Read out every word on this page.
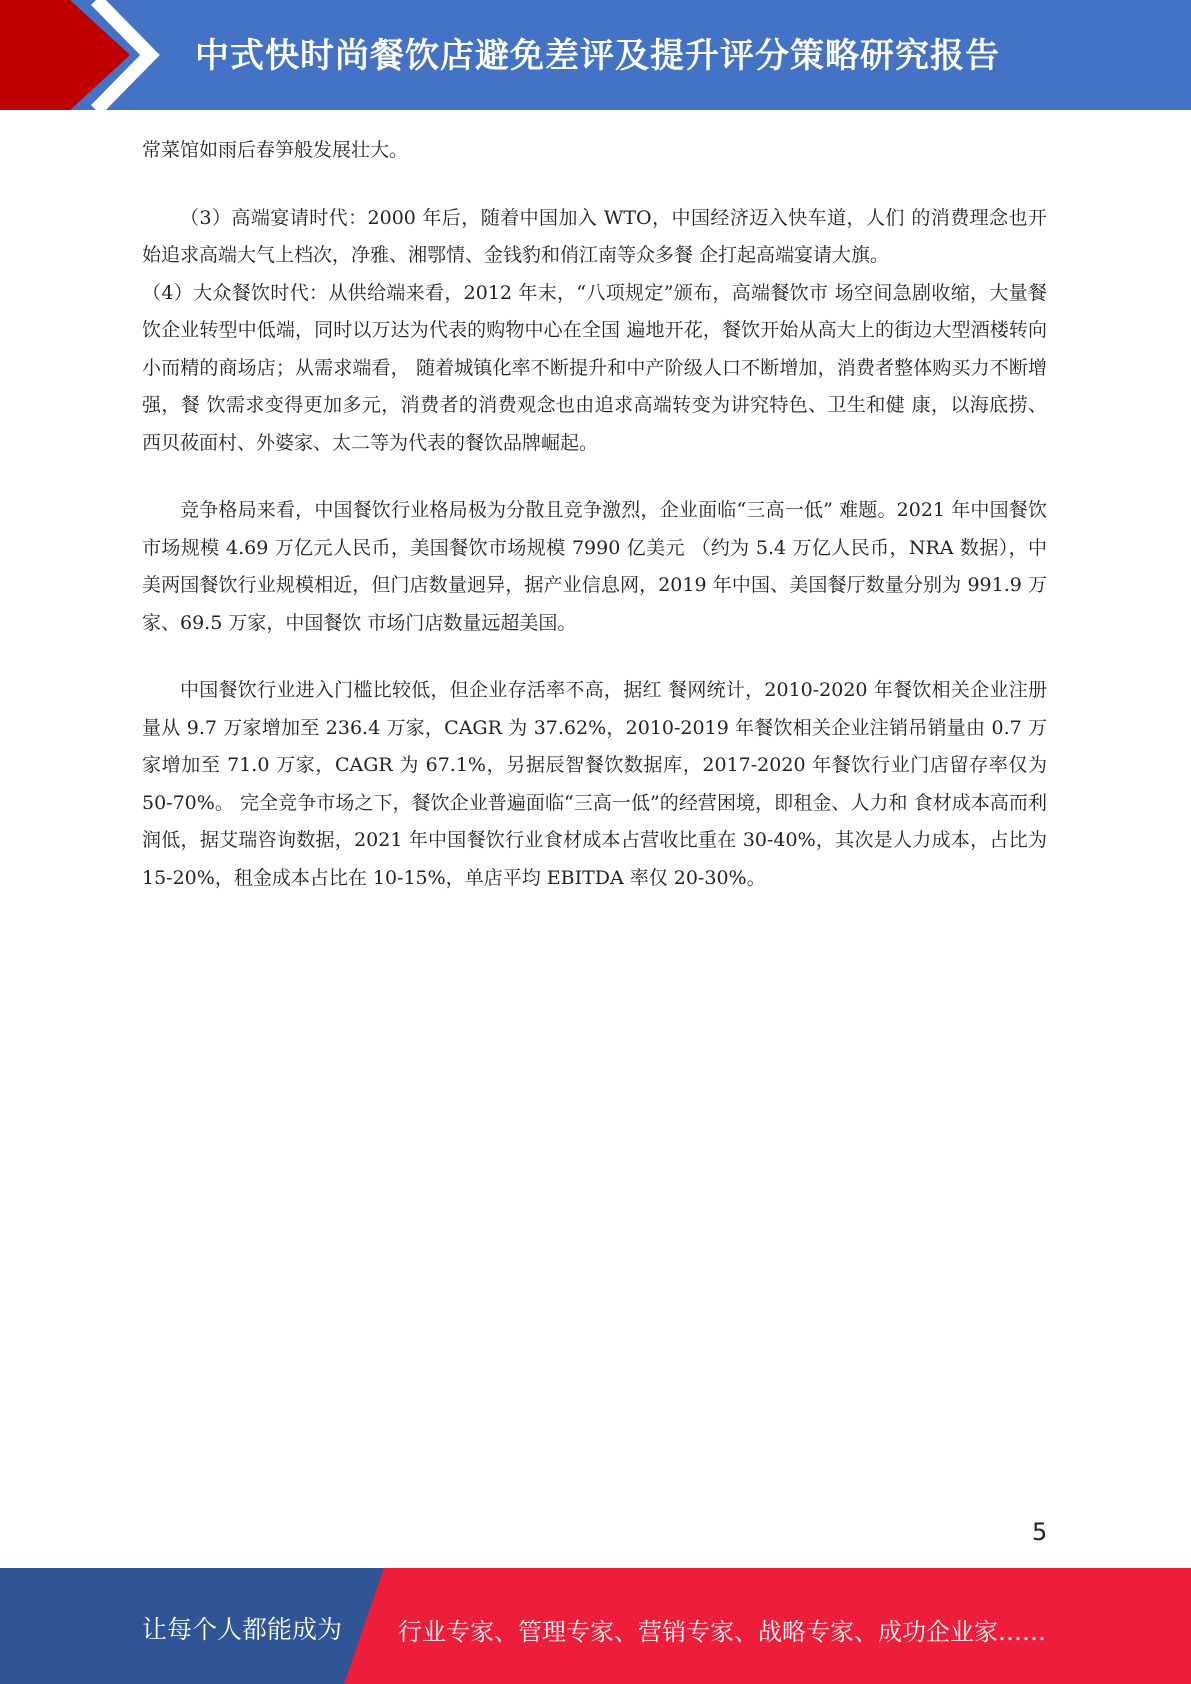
中式快时尚餐饮店避免差评及提升评分策略研究报告

常菜馆如雨后春笋般发展壮大。

（3）高端宴请时代：2000 年后，随着中国加入 WTO，中国经济迈入快车道，人们 的消费理念也开始追求高端大气上档次，净雅、湘鄂情、金钱豹和俏江南等众多餐 企打起高端宴请大旗。

（4）大众餐饮时代：从供给端来看，2012 年末，“八项规定”颁布，高端餐饮市 场空间急剧收缩，大量餐饮企业转型中低端，同时以万达为代表的购物中心在全国 遍地开花，餐饮开始从高大上的街边大型酒楼转向小而精的商场店；从需求端看， 随着城镇化率不断提升和中产阶级人口不断增加，消费者整体购买力不断增强，餐 饮需求变得更加多元，消费者的消费观念也由追求高端转变为讲究特色、卫生和健 康，以海底捞、西贝莜面村、外婆家、太二等为代表的餐饮品牌崛起。

竞争格局来看，中国餐饮行业格局极为分散且竞争激烈，企业面临“三高一低” 难题。2021 年中国餐饮市场规模 4.69 万亿元人民币，美国餐饮市场规模 7990 亿美元 （约为 5.4 万亿人民币，NRA 数据），中美两国餐饮行业规模相近，但门店数量迥异，据产业信息网，2019 年中国、美国餐厅数量分别为 991.9 万家、69.5 万家，中国餐饮 市场门店数量远超美国。

中国餐饮行业进入门槛比较低，但企业存活率不高，据红 餐网统计，2010-2020 年餐饮相关企业注册量从 9.7 万家增加至 236.4 万家，CAGR 为 37.62%，2010-2019 年餐饮相关企业注销吊销量由 0.7 万家增加至 71.0 万家，CAGR 为 67.1%，另据辰智餐饮数据库，2017-2020 年餐饮行业门店留存率仅为 50-70%。 完全竞争市场之下，餐饮企业普遍面临“三高一低”的经营困境，即租金、人力和 食材成本高而利润低，据艾瑞咨询数据，2021 年中国餐饮行业食材成本占营收比重在 30-40%，其次是人力成本，占比为 15-20%，租金成本占比在 10-15%，单店平均 EBITDA 率仅 20-30%。

5
让每个人都能成为 行业专家、管理专家、营销专家、战略专家、成功企业家……
